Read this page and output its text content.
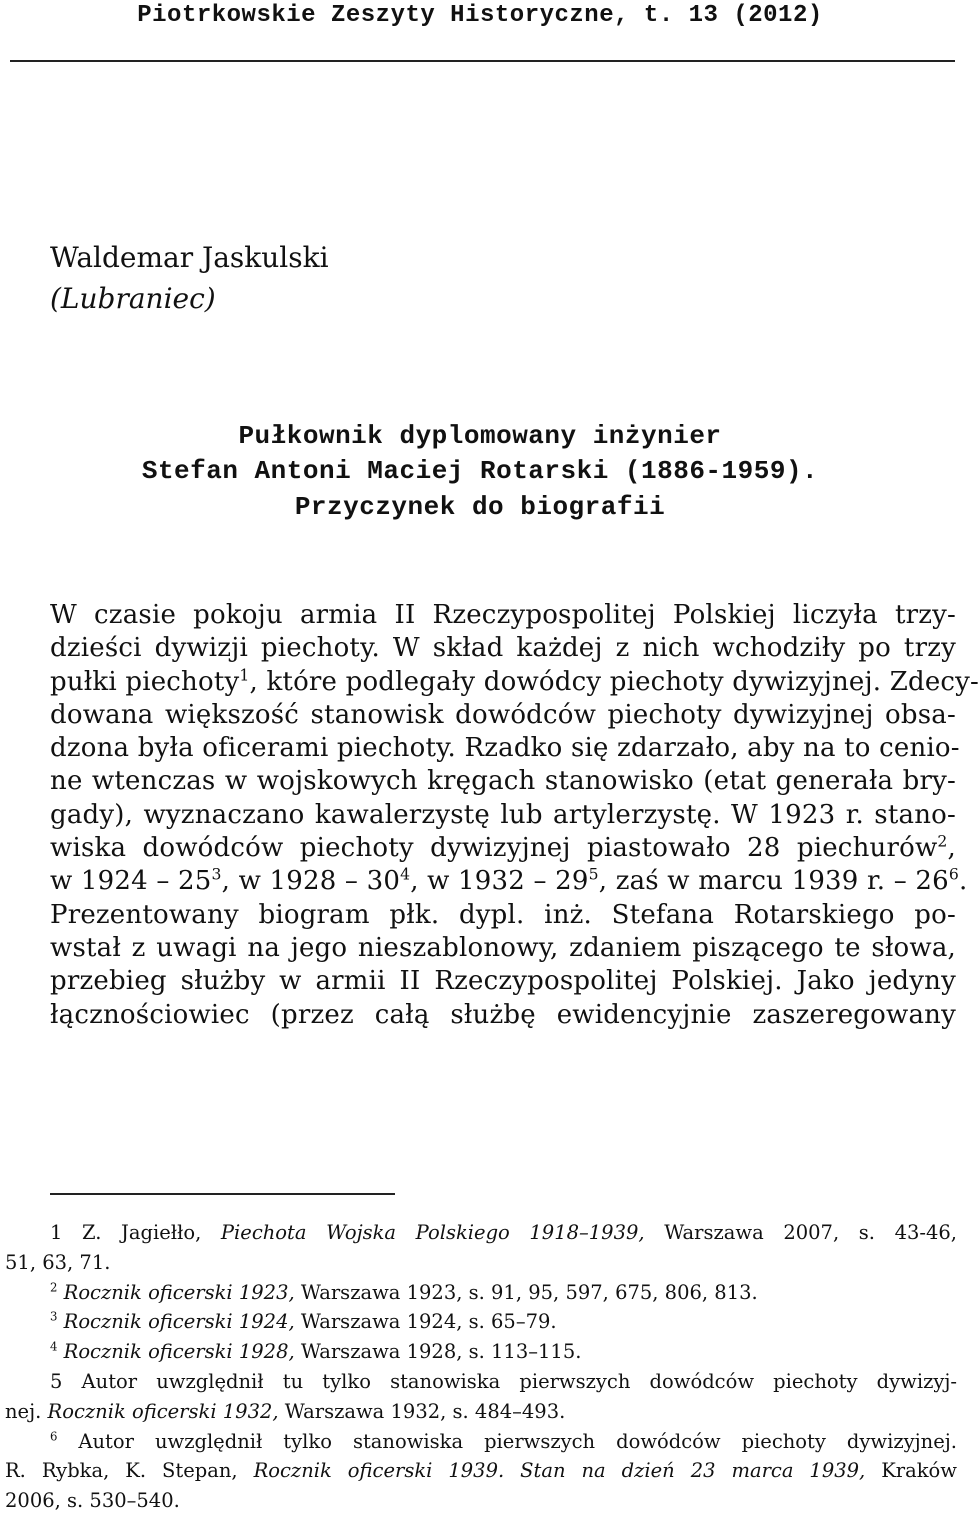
Piotrkowskie Zeszyty Historyczne, t. 13 (2012)
Waldemar Jaskulski
(Lubraniec)
Pułkownik dyplomowany inżynier
Stefan Antoni Maciej Rotarski (1886-1959).
Przyczynek do biografii
W czasie pokoju armia II Rzeczypospolitej Polskiej liczyła trzy-
dzieści dywizji piechoty. W skład każdej z nich wchodziły po trzy
pułki piechoty$^1$, które podlegały dowódcy piechoty dywizyjnej. Zdecy-
dowana większość stanowisk dowódców piechoty dywizyjnej obsa-
dzona była oficerami piechoty. Rzadko się zdarzało, aby na to cenio-
ne wtenczas w wojskowych kręgach stanowisko (etat generała bry-
gady), wyznaczano kawalerzystę lub artylerzystę. W 1923 r. stano-
wiska dowódców piechoty dywizyjnej piastowało 28 piechurów$^2$,
w $1924 - 25^3$, w $1928 - 30^4$, w $1932 - 29^5$, zaś w marcu 1939 r. – $26^6$.
Prezentowany biogram płk. dypl. inż. Stefana Rotarskiego po-
wstał z uwagi na jego nieszablonowy, zdaniem piszącego te słowa,
przebieg służby w armii II Rzeczypospolitej Polskiej. Jako jedyny
łącznościowiec (przez całą służbę ewidencyjnie zaszeregowany
1 Z. Jagiełło, Piechota Wojska Polskiego 1918–1939, Warszawa 2007, s. 43-46,
51, 63, 71.
$^2$ Rocznik oficerski 1923, Warszawa 1923, s. 91, 95, 597, 675, 806, 813.
$^3$ Rocznik oficerski 1924, Warszawa 1924, s. 65–79.
$^4$ Rocznik oficerski 1928, Warszawa 1928, s. 113–115.
5 Autor uwzględnił tu tylko stanowiska pierwszych dowódców piechoty dywizyj-
nej. Rocznik oficerski 1932, Warszawa 1932, s. 484–493.
$^6$ Autor uwzględnił tylko stanowiska pierwszych dowódców piechoty dywizyjnej.
R. Rybka, K. Stepan, Rocznik oficerski 1939. Stan na dzień 23 marca 1939, Kraków
2006, s. 530–540.
